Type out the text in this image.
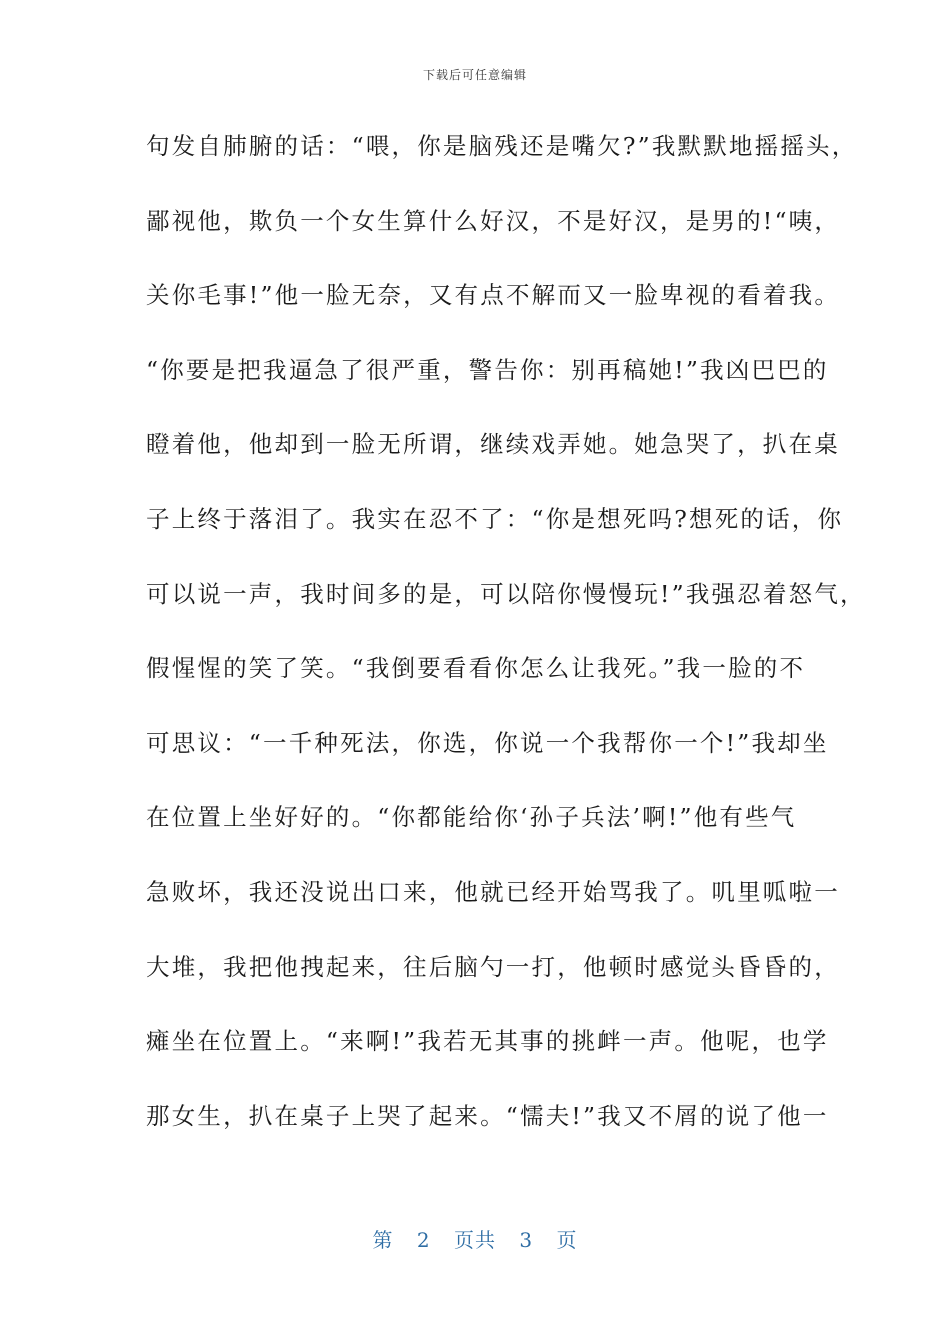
下载后可任意编辑
句发自肺腑的话：“喂，你是脑残还是嘴欠?”我默默地摇摇头，
鄙视他，欺负一个女生算什么好汉，不是好汉，是男的!“咦，
关你毛事!”他一脸无奈，又有点不解而又一脸卑视的看着我。
“你要是把我逼急了很严重，警告你：别再稿她!”我凶巴巴的
瞪着他，他却到一脸无所谓，继续戏弄她。她急哭了，扒在桌
子上终于落泪了。我实在忍不了：“你是想死吗?想死的话，你
可以说一声，我时间多的是，可以陪你慢慢玩!”我强忍着怒气，
假惺惺的笑了笑。“我倒要看看你怎么让我死。”我一脸的不
可思议：“一千种死法，你选，你说一个我帮你一个!”我却坐
在位置上坐好好的。“你都能给你‘孙子兵法’啊!”他有些气
急败坏，我还没说出口来，他就已经开始骂我了。叽里呱啦一
大堆，我把他拽起来，往后脑勺一打，他顿时感觉头昏昏的，
瘫坐在位置上。“来啊!”我若无其事的挑衅一声。他呢，也学
那女生，扒在桌子上哭了起来。“懦夫!”我又不屑的说了他一
第 2 页共 3 页
